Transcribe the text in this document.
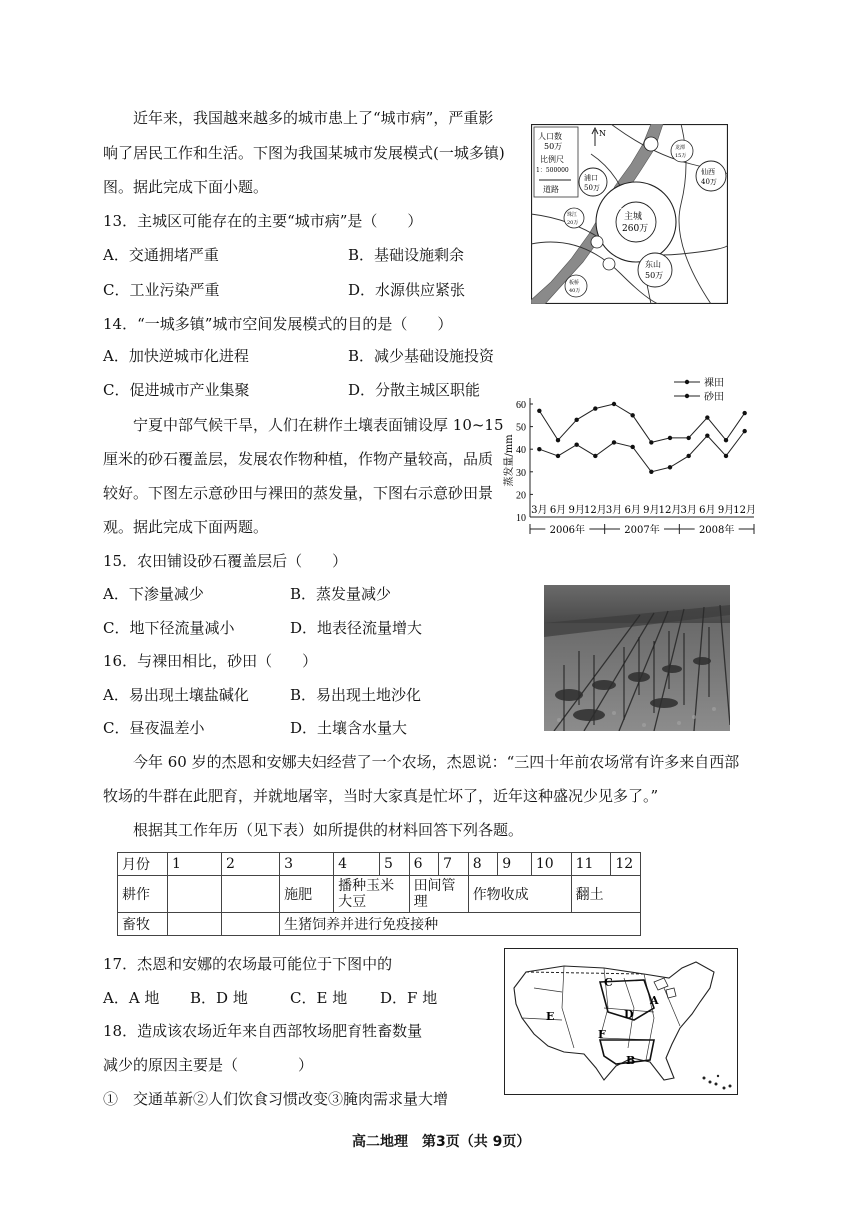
近年来，我国越来越多的城市患上了“城市病”，严重影
响了居民工作和生活。下图为我国某城市发展模式(一城多镇)
图。据此完成下面小题。
13．主城区可能存在的主要“城市病”是（　　）
A．交通拥堵严重	B．基础设施剩余
C．工业污染严重	D．水源供应紧张
14．“一城多镇”城市空间发展模式的目的是（　　）
A．加快逆城市化进程	B．减少基础设施投资
C．促进城市产业集聚	D．分散主城区职能
宁夏中部气候干旱，人们在耕作土壤表面铺设厚 10~15
厘米的砂石覆盖层，发展农作物种植，作物产量较高，品质
较好。下图左示意砂田与裸田的蒸发量，下图右示意砂田景
观。据此完成下面两题。
15．农田铺设砂石覆盖层后（　　）
A．下渗量减少	B．蒸发量减少
C．地下径流量减小	D．地表径流量增大
16．与裸田相比，砂田（　　）
A．易出现土壤盐碱化	B．易出现土地沙化
C．昼夜温差小	D．土壤含水量大
今年 60 岁的杰恩和安娜夫妇经营了一个农场，杰恩说：“三四十年前农场常有许多来自西部
牧场的牛群在此肥育，并就地屠宰，当时大家真是忙坏了，近年这种盛况少见多了。”
根据其工作年历（见下表）如所提供的材料回答下列各题。
月份	1	2	3	4	5	6	7	8	9	10	11	12
耕作			施肥	播种玉米大豆		田间管理		作物收成			翻土	
畜牧			生猪饲养并进行免疫接种									
17．杰恩和安娜的农场最可能位于下图中的
A．A 地 B．D 地	C．E 地 D．F 地
18．造成该农场近年来自西部牧场肥育牲畜数量
减少的原因主要是（　　　　）
①　交通革新②人们饮食习惯改变③腌肉需求量大增
高二地理　第3页（共 9页）
人口数
50万
比例尺
1：500000
道路
N
主城
260万
浦口
50万
仙西
40万
龙潭
15万
东山
50万
板桥
40万
珠江
20万
江
长
10
20
30
40
50
60
蒸发量/mm
3月 6月 9月 12月 3月 6月 9月 12月 3月 6月 9月 12月
2006年	2007年	2008年
裸田
砂田
A
B
C
D
E
F
